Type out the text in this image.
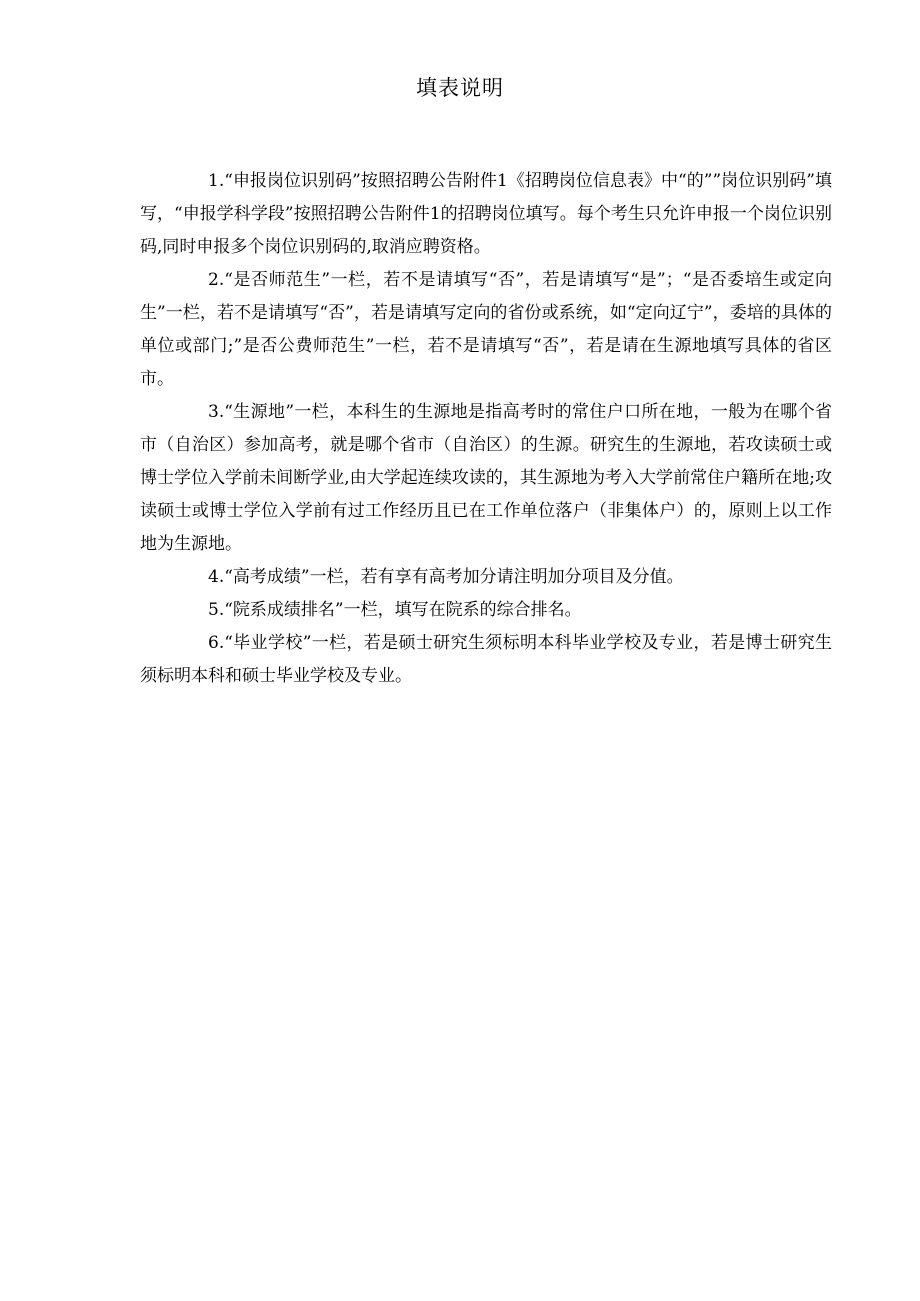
填表说明

1.“申报岗位识别码”按照招聘公告附件1《招聘岗位信息表》中“的””岗位识别码”填写，“申报学科学段”按照招聘公告附件1的招聘岗位填写。每个考生只允许申报一个岗位识别码,同时申报多个岗位识别码的,取消应聘资格。

2.“是否师范生”一栏，若不是请填写“否”，若是请填写“是”；“是否委培生或定向生”一栏，若不是请填写“否”，若是请填写定向的省份或系统，如“定向辽宁”，委培的具体的单位或部门;”是否公费师范生”一栏，若不是请填写“否”，若是请在生源地填写具体的省区市。

3.“生源地”一栏，本科生的生源地是指高考时的常住户口所在地，一般为在哪个省市（自治区）参加高考，就是哪个省市（自治区）的生源。研究生的生源地，若攻读硕士或博士学位入学前未间断学业,由大学起连续攻读的，其生源地为考入大学前常住户籍所在地;攻读硕士或博士学位入学前有过工作经历且已在工作单位落户（非集体户）的，原则上以工作地为生源地。

4.“高考成绩”一栏，若有享有高考加分请注明加分项目及分值。

5.“院系成绩排名”一栏，填写在院系的综合排名。

6.“毕业学校”一栏，若是硕士研究生须标明本科毕业学校及专业，若是博士研究生须标明本科和硕士毕业学校及专业。
